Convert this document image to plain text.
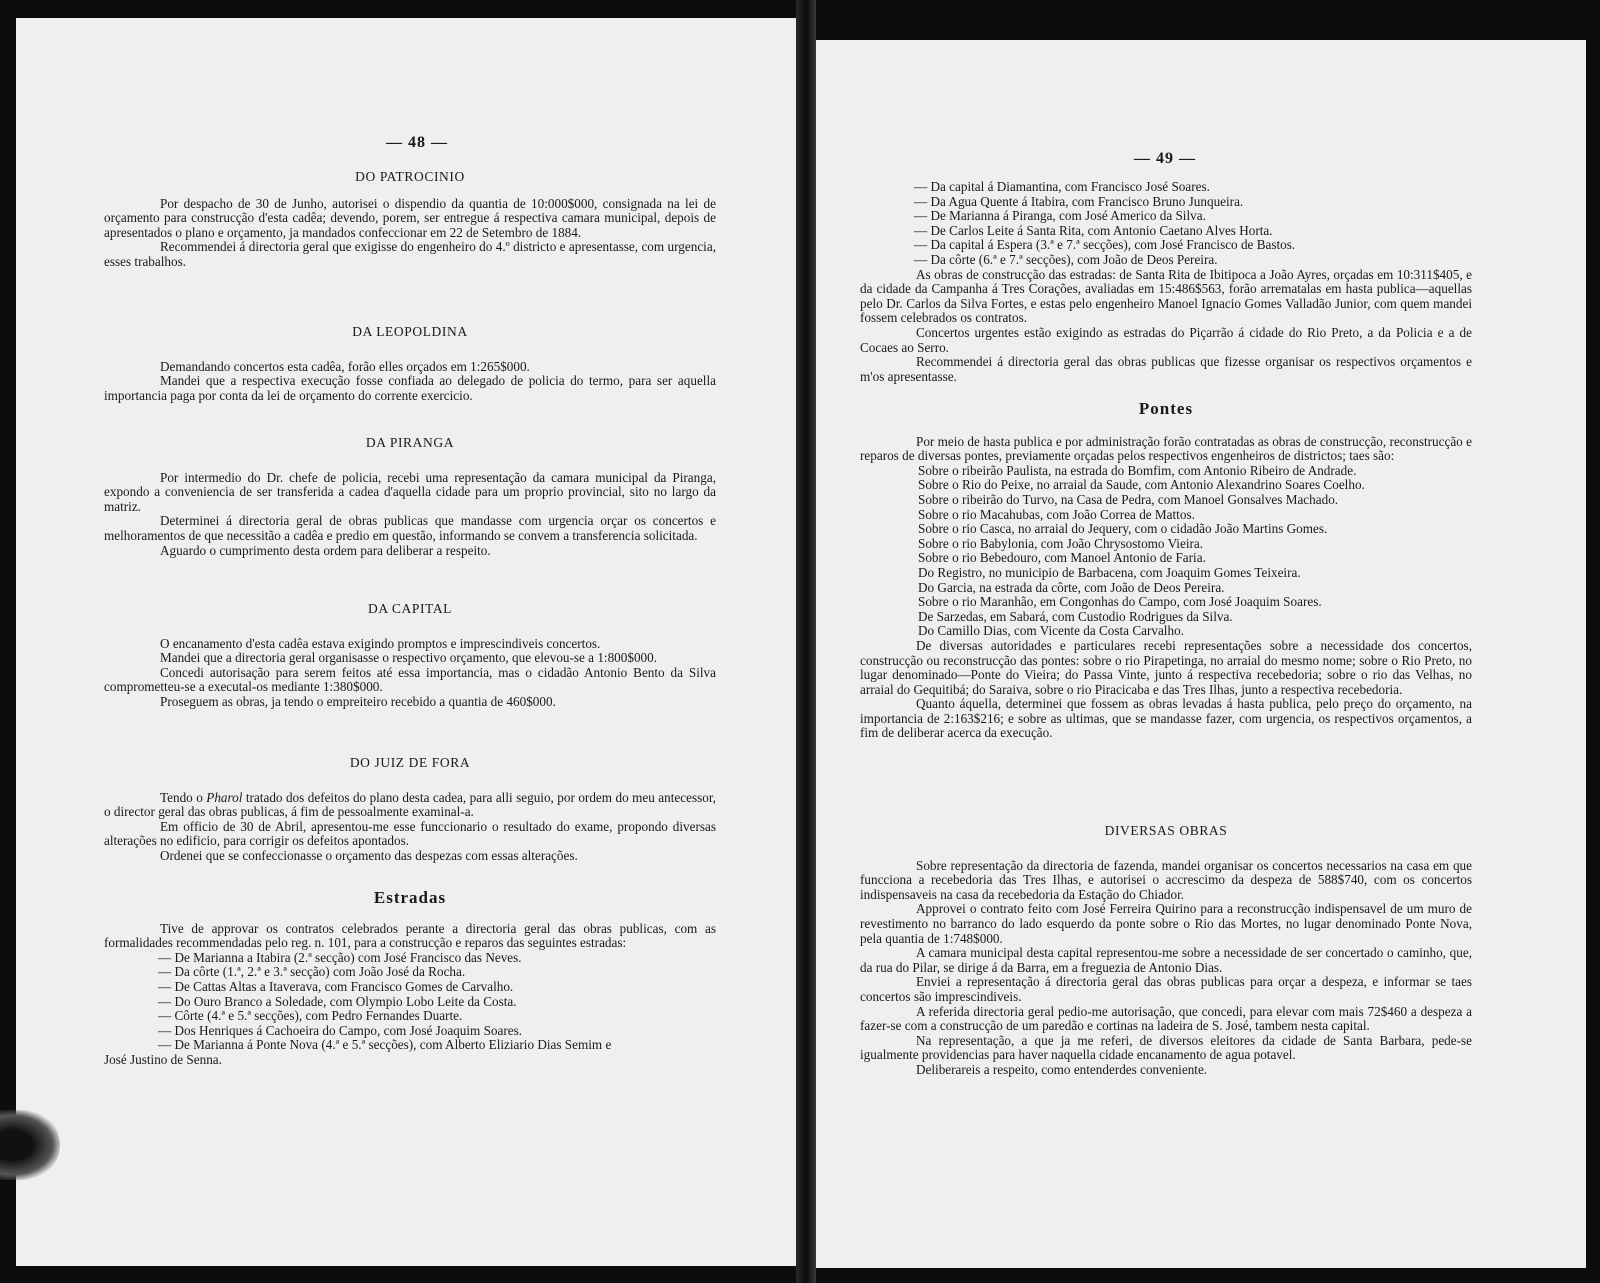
— 48 —
DO PATROCINIO

Por despacho de 30 de Junho, autorisei o dispendio da quantia de 10:000$000, consignada na lei de orçamento para construcção d'esta cadêa; devendo, porem, ser entregue á respectiva camara municipal, depois de apresentados o plano e orçamento, ja mandados confeccionar em 22 de Setembro de 1884.

Recommendei á directoria geral que exigisse do engenheiro do 4.º districto e apresentasse, com urgencia, esses trabalhos.

DA LEOPOLDINA

Demandando concertos esta cadêa, forão elles orçados em 1:265$000.

Mandei que a respectiva execução fosse confiada ao delegado de policia do termo, para ser aquella importancia paga por conta da lei de orçamento do corrente exercicio.

DA PIRANGA

Por intermedio do Dr. chefe de policia, recebi uma representação da camara municipal da Piranga, expondo a conveniencia de ser transferida a cadea d'aquella cidade para um proprio provincial, sito no largo da matriz.

Determinei á directoria geral de obras publicas que mandasse com urgencia orçar os concertos e melhoramentos de que necessitão a cadêa e predio em questão, informando se convem a transferencia solicitada.

Aguardo o cumprimento desta ordem para deliberar a respeito.

DA CAPITAL

O encanamento d'esta cadêa estava exigindo promptos e imprescindiveis concertos.

Mandei que a directoria geral organisasse o respectivo orçamento, que elevou-se a 1:800$000.

Concedi autorisação para serem feitos até essa importancia, mas o cidadão Antonio Bento da Silva comprometteu-se a executal-os mediante 1:380$000.

Proseguem as obras, ja tendo o empreiteiro recebido a quantia de 460$000.

DO JUIZ DE FORA

Tendo o Pharol tratado dos defeitos do plano desta cadea, para alli seguio, por ordem do meu antecessor, o director geral das obras publicas, á fim de pessoalmente examinal-a.

Em officio de 30 de Abril, apresentou-me esse funccionario o resultado do exame, propondo diversas alterações no edificio, para corrigir os defeitos apontados.

Ordenei que se confeccionasse o orçamento das despezas com essas alterações.

Estradas

Tive de approvar os contratos celebrados perante a directoria geral das obras publicas, com as formalidades recommendadas pelo reg. n. 101, para a construcção e reparos das seguintes estradas:

— De Marianna a Itabira (2.ª secção) com José Francisco das Neves.

— Da côrte (1.ª, 2.ª e 3.ª secção) com João José da Rocha.

— De Cattas Altas a Itaverava, com Francisco Gomes de Carvalho.

— Do Ouro Branco a Soledade, com Olympio Lobo Leite da Costa.

— Côrte (4.ª e 5.ª secções), com Pedro Fernandes Duarte.

— Dos Henriques á Cachoeira do Campo, com José Joaquim Soares.

— De Marianna á Ponte Nova (4.ª e 5.ª secções), com Alberto Eliziario Dias Semim e

José Justino de Senna.

— 49 —

— Da capital á Diamantina, com Francisco José Soares.

— Da Agua Quente á Itabira, com Francisco Bruno Junqueira.

— De Marianna á Piranga, com José Americo da Silva.

— De Carlos Leite á Santa Rita, com Antonio Caetano Alves Horta.

— Da capital á Espera (3.ª e 7.ª secções), com José Francisco de Bastos.

— Da côrte (6.ª e 7.ª secções), com João de Deos Pereira.

As obras de construcção das estradas: de Santa Rita de Ibitipoca a João Ayres, orçadas em 10:311$405, e da cidade da Campanha á Tres Corações, avaliadas em 15:486$563, forão arrematalas em hasta publica—aquellas pelo Dr. Carlos da Silva Fortes, e estas pelo engenheiro Manoel Ignacio Gomes Valladão Junior, com quem mandei fossem celebrados os contratos.

Concertos urgentes estão exigindo as estradas do Piçarrão á cidade do Rio Preto, a da Policia e a de Cocaes ao Serro.

Recommendei á directoria geral das obras publicas que fizesse organisar os respectivos orçamentos e m'os apresentasse.

Pontes

Por meio de hasta publica e por administração forão contratadas as obras de construcção, reconstrucção e reparos de diversas pontes, previamente orçadas pelos respectivos engenheiros de districtos; taes são:

Sobre o ribeirão Paulista, na estrada do Bomfim, com Antonio Ribeiro de Andrade.

Sobre o Rio do Peixe, no arraial da Saude, com Antonio Alexandrino Soares Coelho.

Sobre o ribeirão do Turvo, na Casa de Pedra, com Manoel Gonsalves Machado.

Sobre o rio Macahubas, com João Correa de Mattos.

Sobre o rio Casca, no arraial do Jequery, com o cidadão João Martins Gomes.

Sobre o rio Babylonia, com João Chrysostomo Vieira.

Sobre o rio Bebedouro, com Manoel Antonio de Faria.

Do Registro, no municipio de Barbacena, com Joaquim Gomes Teixeira.

Do Garcia, na estrada da côrte, com João de Deos Pereira.

Sobre o rio Maranhão, em Congonhas do Campo, com José Joaquim Soares.

De Sarzedas, em Sabará, com Custodio Rodrigues da Silva.

Do Camillo Dias, com Vicente da Costa Carvalho.

De diversas autoridades e particulares recebi representações sobre a necessidade dos concertos, construcção ou reconstrucção das pontes: sobre o rio Pirapetinga, no arraial do mesmo nome; sobre o Rio Preto, no lugar denominado—Ponte do Vieira; do Passa Vinte, junto á respectiva recebedoria; sobre o rio das Velhas, no arraial do Gequitibá; do Saraiva, sobre o rio Piracicaba e das Tres Ilhas, junto a respectiva recebedoria.

Quanto áquella, determinei que fossem as obras levadas á hasta publica, pelo preço do orçamento, na importancia de 2:163$216; e sobre as ultimas, que se mandasse fazer, com urgencia, os respectivos orçamentos, a fim de deliberar acerca da execução.

DIVERSAS OBRAS

Sobre representação da directoria de fazenda, mandei organisar os concertos necessarios na casa em que funcciona a recebedoria das Tres Ilhas, e autorisei o accrescimo da despeza de 588$740, com os concertos indispensaveis na casa da recebedoria da Estação do Chiador.

Approvei o contrato feito com José Ferreira Quirino para a reconstrucção indispensavel de um muro de revestimento no barranco do lado esquerdo da ponte sobre o Rio das Mortes, no lugar denominado Ponte Nova, pela quantia de 1:748$000.

A camara municipal desta capital representou-me sobre a necessidade de ser concertado o caminho, que, da rua do Pilar, se dirige á da Barra, em a freguezia de Antonio Dias.

Enviei a representação á directoria geral das obras publicas para orçar a despeza, e informar se taes concertos são imprescindiveis.

A referida directoria geral pedio-me autorisação, que concedi, para elevar com mais 72$460 a despeza a fazer-se com a construcção de um paredão e cortinas na ladeira de S. José, tambem nesta capital.

Na representação, a que ja me referi, de diversos eleitores da cidade de Santa Barbara, pede-se igualmente providencias para haver naquella cidade encanamento de agua potavel.

Deliberareis a respeito, como entenderdes conveniente.
